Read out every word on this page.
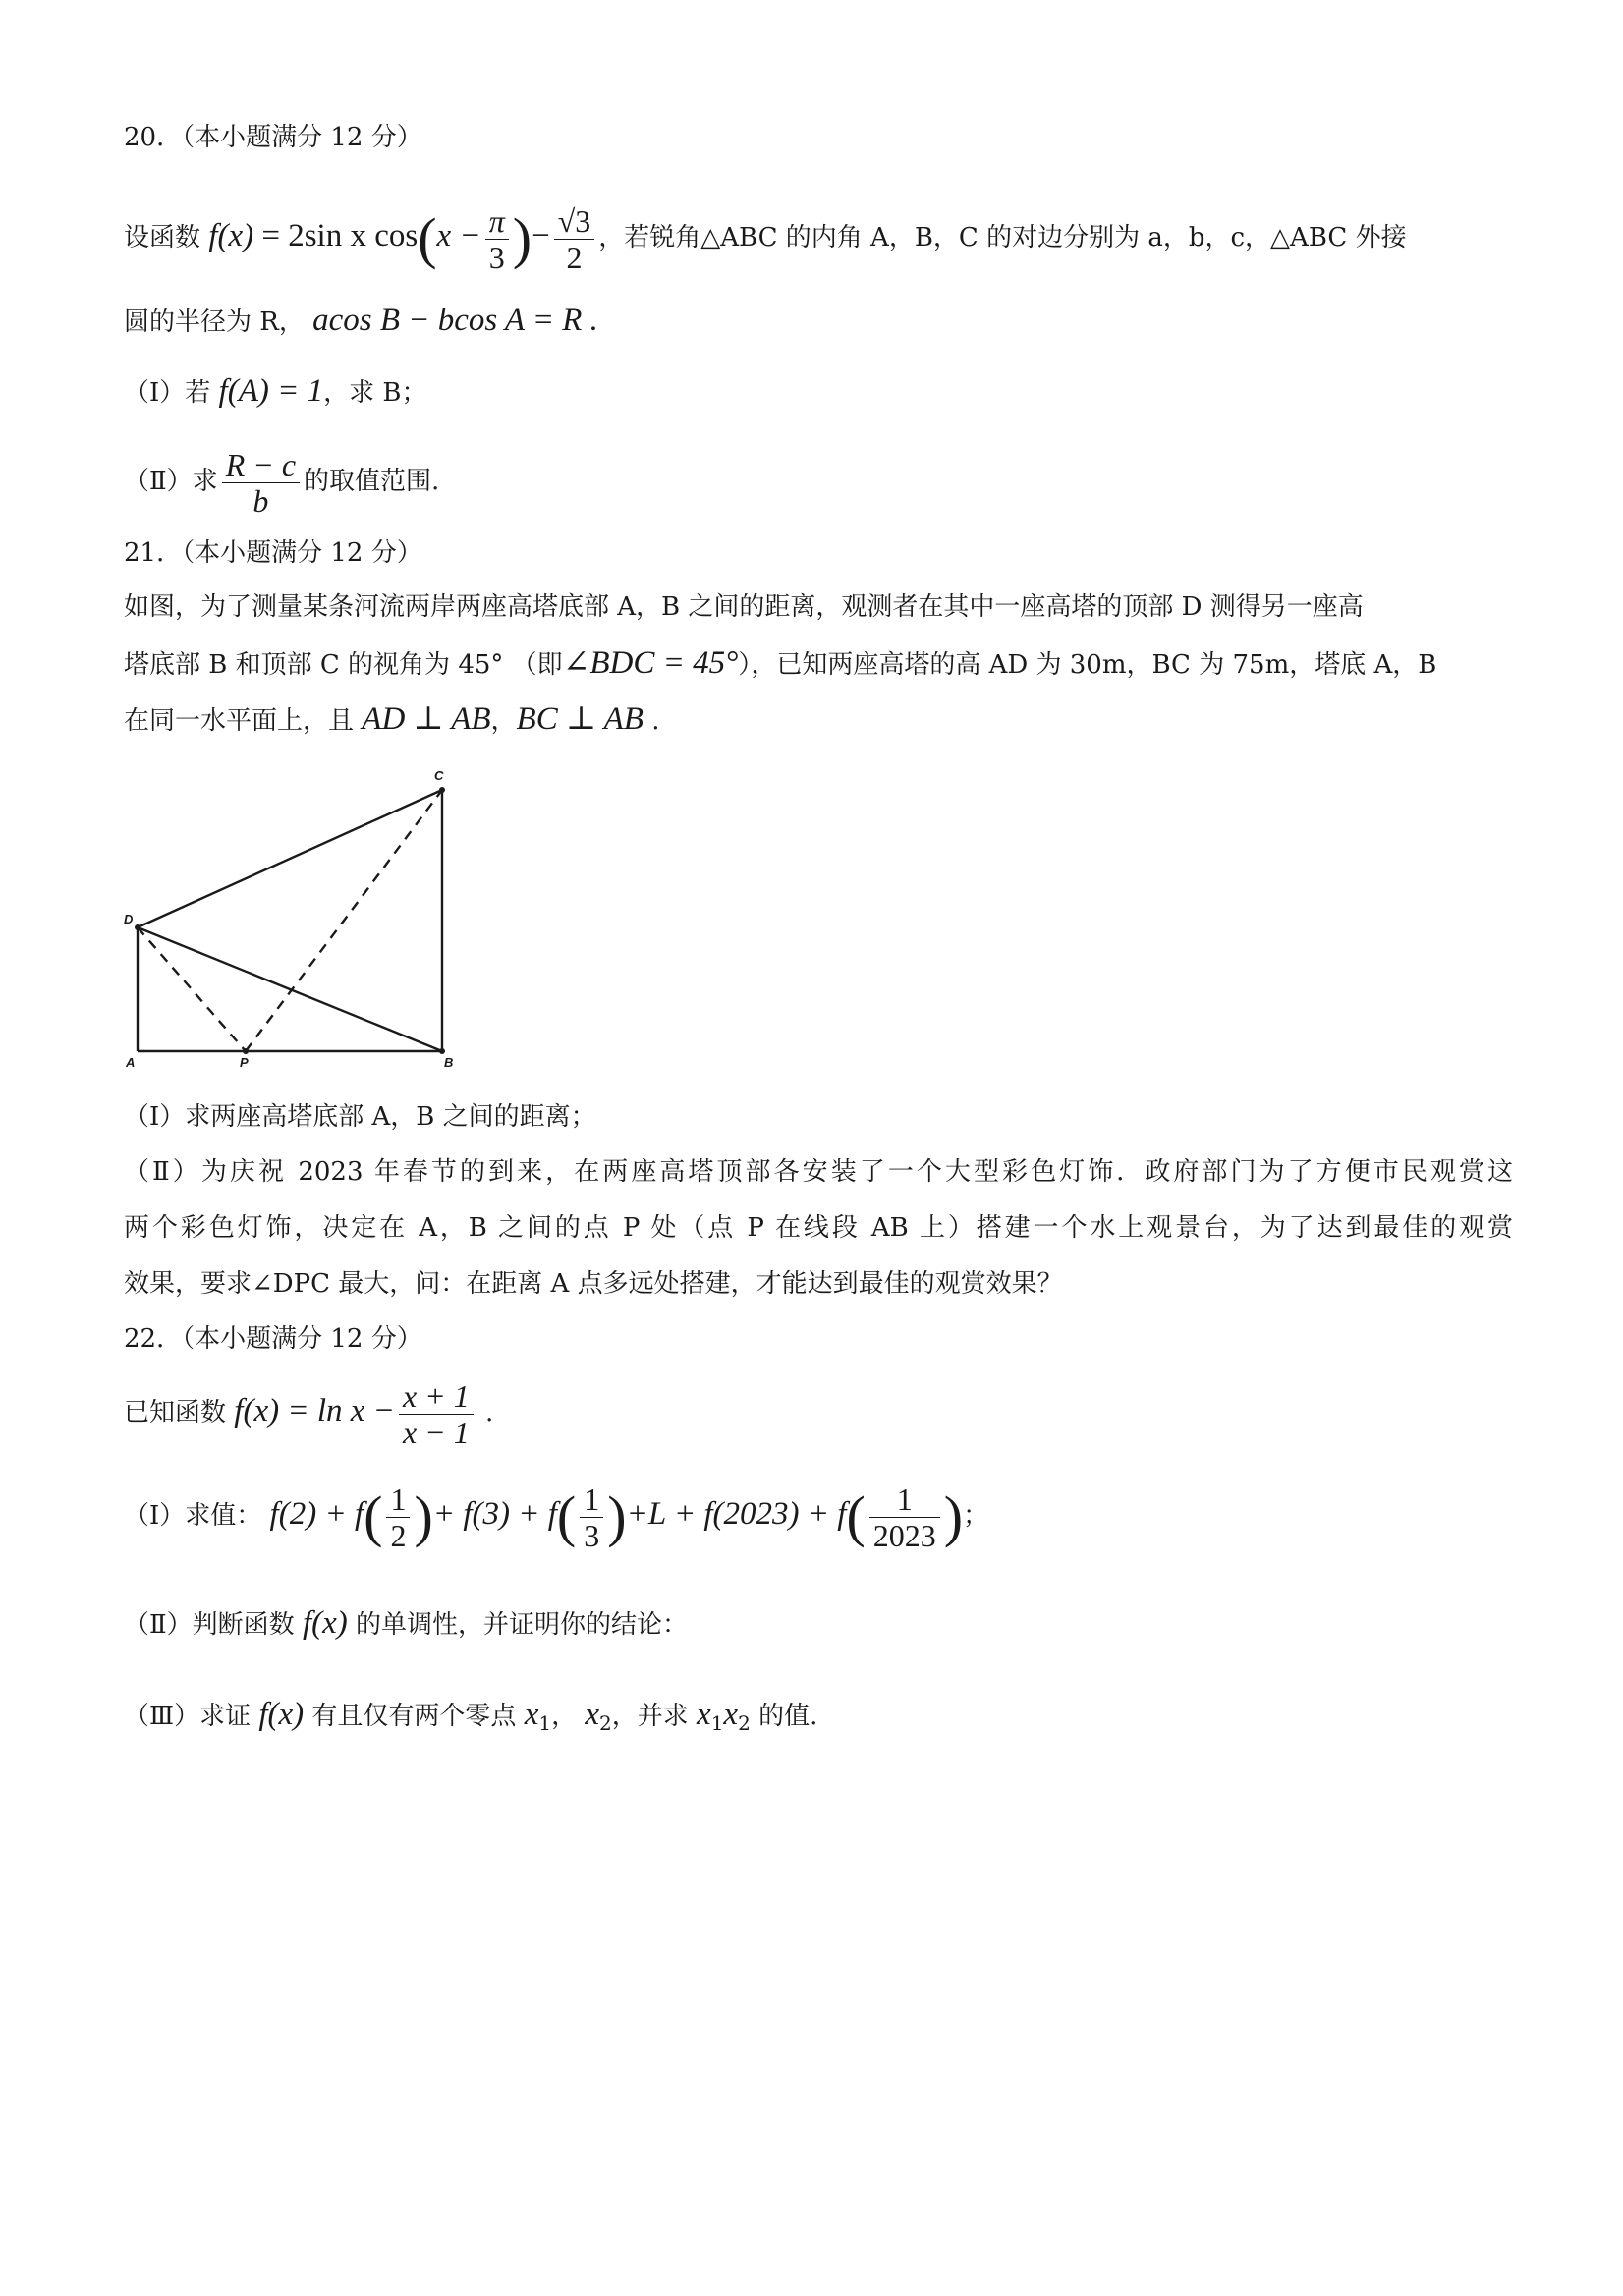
20．（本小题满分 12 分）
设函数 f(x) = 2sin x $\cos(x - \frac{\pi}{3}$ )− $\frac{√3}{2}$ ，若锐角△ABC 的内角 A，B，C 的对边分别为 a，b，c，△ABC 外接
圆的半径为 R， acos B − bcos A = R .
（Ⅰ）若 f(A) = 1，求 B；
（Ⅱ）求 $\frac{R - c}{b}$ 的取值范围.
21．（本小题满分 12 分）
如图，为了测量某条河流两岸两座高塔底部 A，B 之间的距离，观测者在其中一座高塔的顶部 D 测得另一座高
塔底部 B 和顶部 C 的视角为 45° （即∠BDC = 45°），已知两座高塔的高 AD 为 30m，BC 为 75m，塔底 A，B
在同一水平面上，且 AD ⊥ AB，BC ⊥ AB .
C
D
A	P	B
（Ⅰ）求两座高塔底部 A，B 之间的距离；
（Ⅱ）为庆祝 2023 年春节的到来，在两座高塔顶部各安装了一个大型彩色灯饰．政府部门为了方便市民观赏这
两个彩色灯饰，决定在 A，B 之间的点 P 处（点 P 在线段 AB 上）搭建一个水上观景台，为了达到最佳的观赏
效果，要求∠DPC 最大，问：在距离 A 点多远处搭建，才能达到最佳的观赏效果？
22．（本小题满分 12 分）
已知函数 $f(x) = \ln x - \frac{x + 1}{x - 1}$ .
（Ⅰ）求值： $f(2) + f( \frac{1}{2}$ )+ $f(3) + f( \frac{1}{3} )+L + f(2023) + f( \frac{1}{2023}$ )；
（Ⅱ）判断函数 f(x) 的单调性，并证明你的结论：
（Ⅲ）求证 f(x) 有且仅有两个零点 $x_1$， $x_2$，并求 $x_1x_2$ 的值.
